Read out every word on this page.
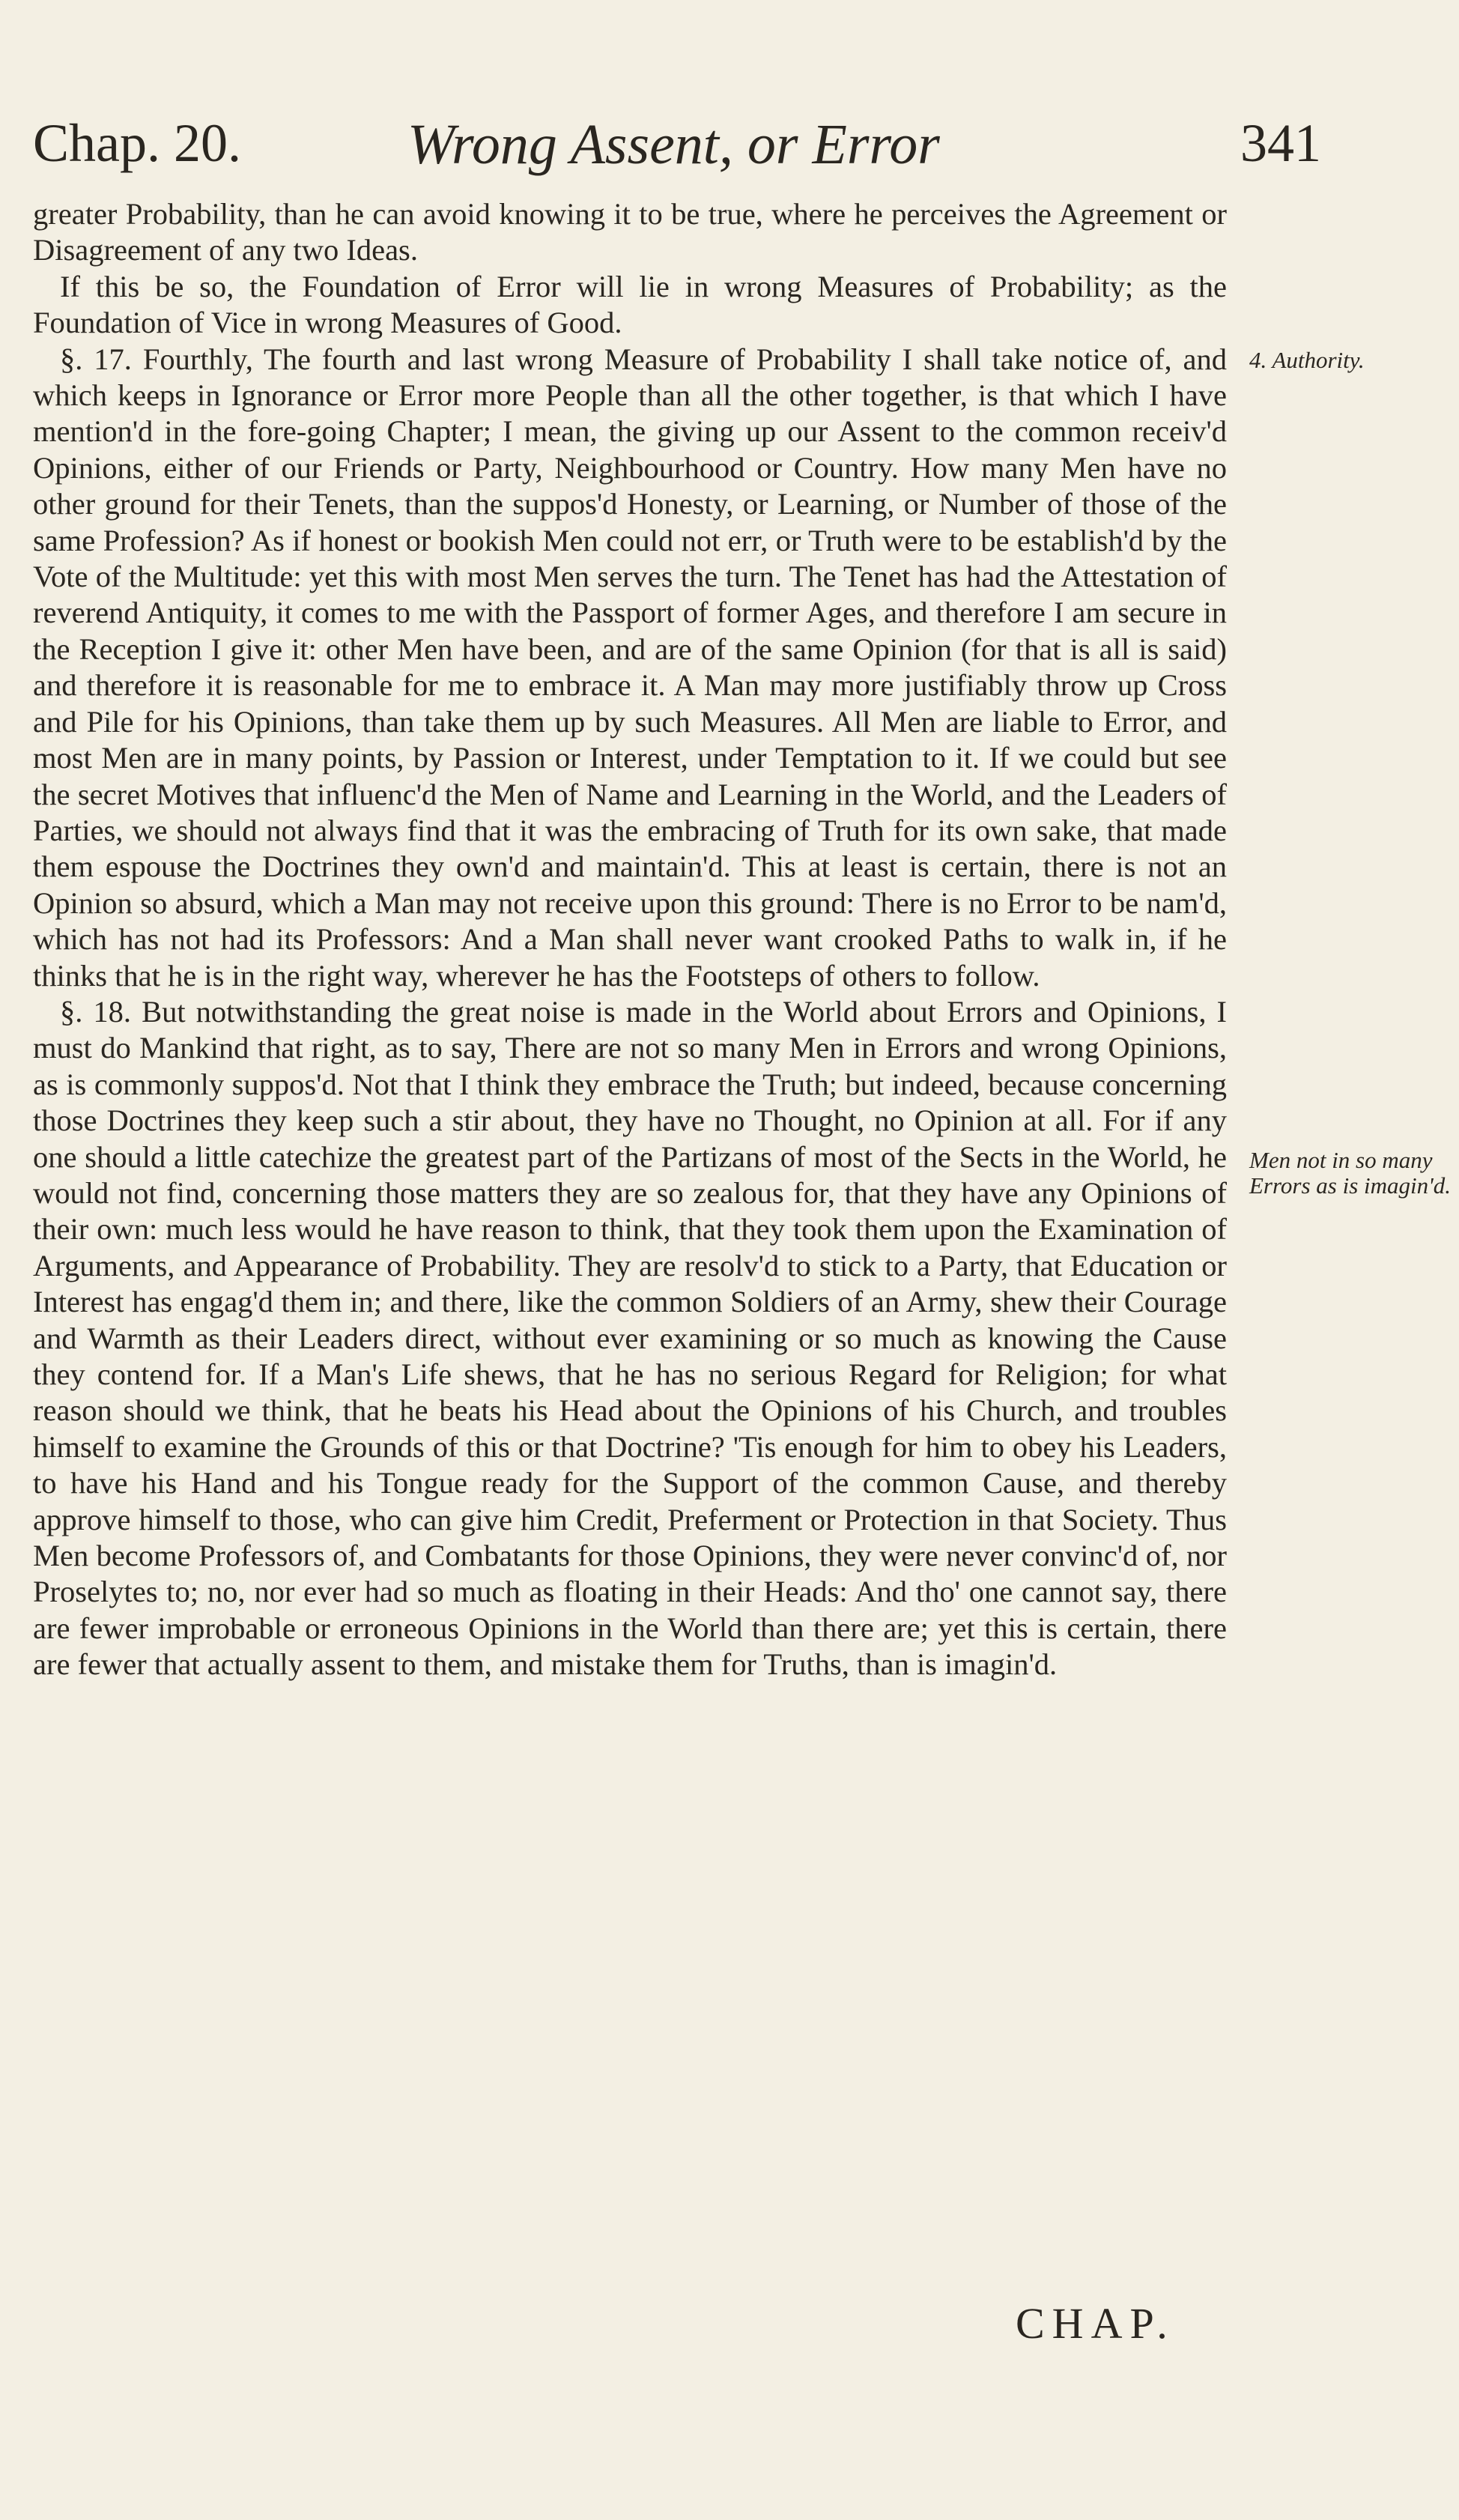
Chap. 20.	Wrong Assent, or Error	341

greater Probability, than he can avoid knowing it to be true, where he perceives the Agreement or Disagreement of any two Ideas.

If this be so, the Foundation of Error will lie in wrong Measures of Probability; as the Foundation of Vice in wrong Measures of Good.

§. 17. Fourthly, The fourth and last wrong Measure of Probability I shall take notice of, and which keeps in Ignorance or Error more People than all the other together, is that which I have mention'd in the fore-going Chapter; I mean, the giving up our Assent to the common receiv'd Opinions, either of our Friends or Party, Neighbourhood or Country. How many Men have no other ground for their Tenets, than the suppos'd Honesty, or Learning, or Number of those of the same Profession? As if honest or bookish Men could not err, or Truth were to be establish'd by the Vote of the Multitude: yet this with most Men serves the turn. The Tenet has had the Attestation of reverend Antiquity, it comes to me with the Passport of former Ages, and therefore I am secure in the Reception I give it: other Men have been, and are of the same Opinion (for that is all is said) and therefore it is reasonable for me to embrace it. A Man may more justifiably throw up Cross and Pile for his Opinions, than take them up by such Measures. All Men are liable to Error, and most Men are in many points, by Passion or Interest, under Temptation to it. If we could but see the secret Motives that influenc'd the Men of Name and Learning in the World, and the Leaders of Parties, we should not always find that it was the embracing of Truth for its own sake, that made them espouse the Doctrines they own'd and maintain'd. This at least is certain, there is not an Opinion so absurd, which a Man may not receive upon this ground: There is no Error to be nam'd, which has not had its Professors: And a Man shall never want crooked Paths to walk in, if he thinks that he is in the right way, wherever he has the Footsteps of others to follow.

§. 18. But notwithstanding the great noise is made in the World about Errors and Opinions, I must do Mankind that right, as to say, There are not so many Men in Errors and wrong Opinions, as is commonly suppos'd. Not that I think they embrace the Truth; but indeed, because concerning those Doctrines they keep such a stir about, they have no Thought, no Opinion at all. For if any one should a little catechize the greatest part of the Partizans of most of the Sects in the World, he would not find, concerning those matters they are so zealous for, that they have any Opinions of their own: much less would he have reason to think, that they took them upon the Examination of Arguments, and Appearance of Probability. They are resolv'd to stick to a Party, that Education or Interest has engag'd them in; and there, like the common Soldiers of an Army, shew their Courage and Warmth as their Leaders direct, without ever examining or so much as knowing the Cause they contend for. If a Man's Life shews, that he has no serious Regard for Religion; for what reason should we think, that he beats his Head about the Opinions of his Church, and troubles himself to examine the Grounds of this or that Doctrine? 'Tis enough for him to obey his Leaders, to have his Hand and his Tongue ready for the Support of the common Cause, and thereby approve himself to those, who can give him Credit, Preferment or Protection in that Society. Thus Men become Professors of, and Combatants for those Opinions, they were never convinc'd of, nor Proselytes to; no, nor ever had so much as floating in their Heads: And tho' one cannot say, there are fewer improbable or erroneous Opinions in the World than there are; yet this is certain, there are fewer that actually assent to them, and mistake them for Truths, than is imagin'd.

4. Authority.
Men not in so many Errors as is imagin'd.
CHAP.
